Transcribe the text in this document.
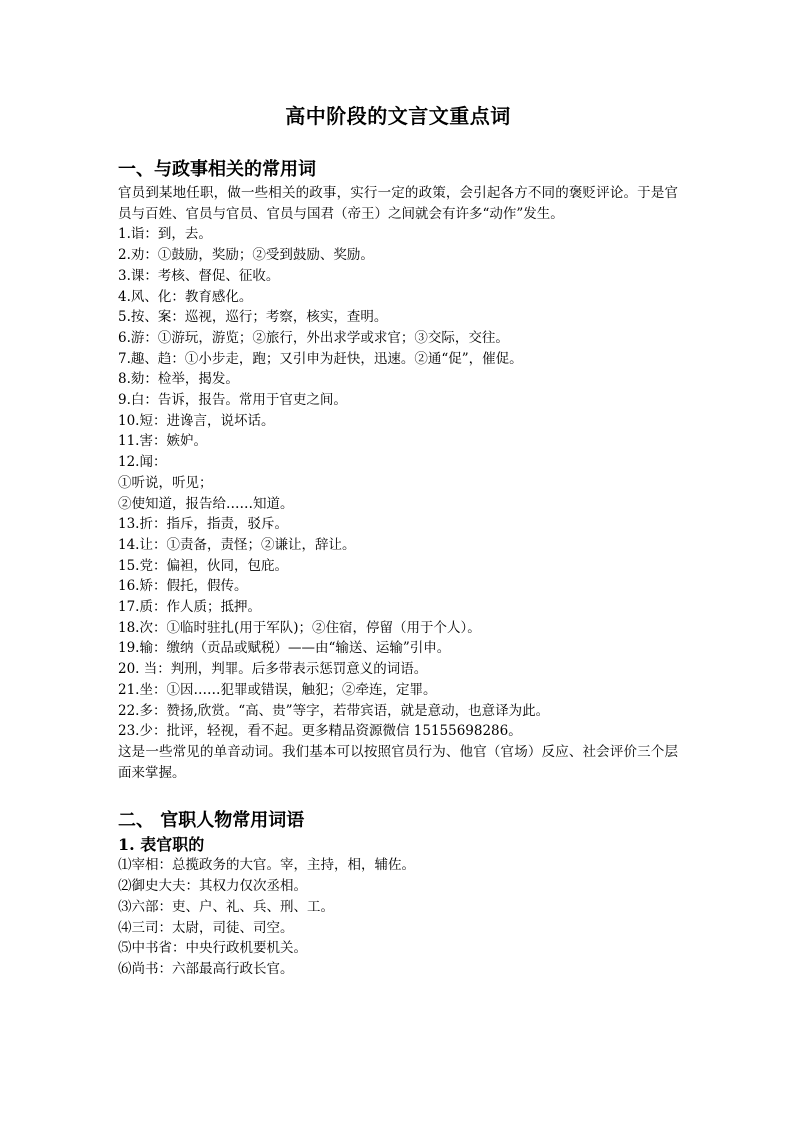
高中阶段的文言文重点词
一、与政事相关的常用词

官员到某地任职，做一些相关的政事，实行一定的政策，会引起各方不同的褒贬评论。于是官员与百姓、官员与官员、官员与国君（帝王）之间就会有许多“动作”发生。

1.诣：到，去。

2.劝：①鼓励，奖励；②受到鼓励、奖励。

3.课：考核、督促、征收。

4.风、化：教育感化。

5.按、案：巡视，巡行；考察，核实，查明。

6.游：①游玩，游览；②旅行，外出求学或求官；③交际，交往。

7.趣、趋：①小步走，跑；又引申为赶快，迅速。②通“促”，催促。

8.劾：检举，揭发。

9.白：告诉，报告。常用于官吏之间。

10.短：进谗言，说坏话。

11.害：嫉妒。

12.闻：

①听说，听见；

②使知道，报告给……知道。

13.折：指斥，指责，驳斥。

14.让：①责备，责怪；②谦让，辞让。

15.党：偏袒，伙同，包庇。

16.矫：假托，假传。

17.质：作人质；抵押。

18.次：①临时驻扎(用于军队)；②住宿，停留（用于个人）。

19.输：缴纳（贡品或赋税）——由“输送、运输”引申。

20. 当：判刑，判罪。后多带表示惩罚意义的词语。

21.坐：①因……犯罪或错误，触犯；②牵连，定罪。

22.多：赞扬,欣赏。“高、贵”等字，若带宾语，就是意动，也意译为此。

23.少：批评，轻视，看不起。更多精品资源微信 15155698286。

这是一些常见的单音动词。我们基本可以按照官员行为、他官（官场）反应、社会评价三个层面来掌握。

二、 官职人物常用词语
1. 表官职的

⑴宰相：总揽政务的大官。宰，主持，相，辅佐。

⑵御史大夫：其权力仅次丞相。

⑶六部：吏、户、礼、兵、刑、工。

⑷三司：太尉，司徒、司空。

⑸中书省：中央行政机要机关。

⑹尚书：六部最高行政长官。
